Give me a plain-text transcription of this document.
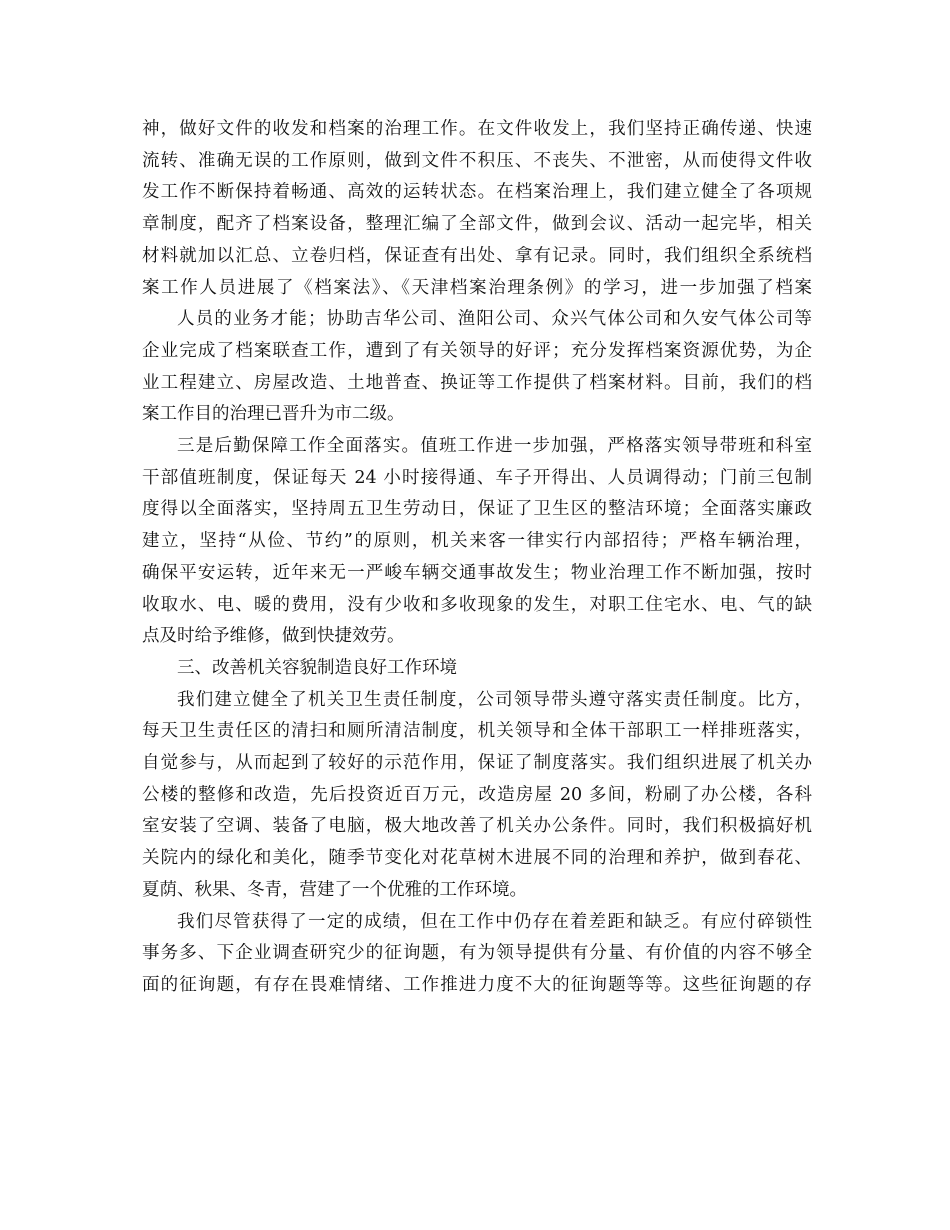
神，做好文件的收发和档案的治理工作。在文件收发上，我们坚持正确传递、快速
流转、准确无误的工作原则，做到文件不积压、不丧失、不泄密，从而使得文件收
发工作不断保持着畅通、高效的运转状态。在档案治理上，我们建立健全了各项规
章制度，配齐了档案设备，整理汇编了全部文件，做到会议、活动一起完毕，相关
材料就加以汇总、立卷归档，保证查有出处、拿有记录。同时，我们组织全系统档
案工作人员进展了《档案法》、《天津档案治理条例》的学习，进一步加强了档案

人员的业务才能；协助吉华公司、渔阳公司、众兴气体公司和久安气体公司等
企业完成了档案联查工作，遭到了有关领导的好评；充分发挥档案资源优势，为企
业工程建立、房屋改造、土地普查、换证等工作提供了档案材料。目前，我们的档
案工作目的治理已晋升为市二级。

三是后勤保障工作全面落实。值班工作进一步加强，严格落实领导带班和科室
干部值班制度，保证每天 24 小时接得通、车子开得出、人员调得动；门前三包制
度得以全面落实，坚持周五卫生劳动日，保证了卫生区的整洁环境；全面落实廉政
建立，坚持“从俭、节约”的原则，机关来客一律实行内部招待；严格车辆治理，
确保平安运转，近年来无一严峻车辆交通事故发生；物业治理工作不断加强，按时
收取水、电、暖的费用，没有少收和多收现象的发生，对职工住宅水、电、气的缺
点及时给予维修，做到快捷效劳。

三、改善机关容貌制造良好工作环境

我们建立健全了机关卫生责任制度，公司领导带头遵守落实责任制度。比方，
每天卫生责任区的清扫和厕所清洁制度，机关领导和全体干部职工一样排班落实，
自觉参与，从而起到了较好的示范作用，保证了制度落实。我们组织进展了机关办
公楼的整修和改造，先后投资近百万元，改造房屋 20 多间，粉刷了办公楼，各科
室安装了空调、装备了电脑，极大地改善了机关办公条件。同时，我们积极搞好机
关院内的绿化和美化，随季节变化对花草树木进展不同的治理和养护，做到春花、
夏荫、秋果、冬青，营建了一个优雅的工作环境。

我们尽管获得了一定的成绩，但在工作中仍存在着差距和缺乏。有应付碎锁性
事务多、下企业调查研究少的征询题，有为领导提供有分量、有价值的内容不够全
面的征询题，有存在畏难情绪、工作推进力度不大的征询题等等。这些征询题的存
